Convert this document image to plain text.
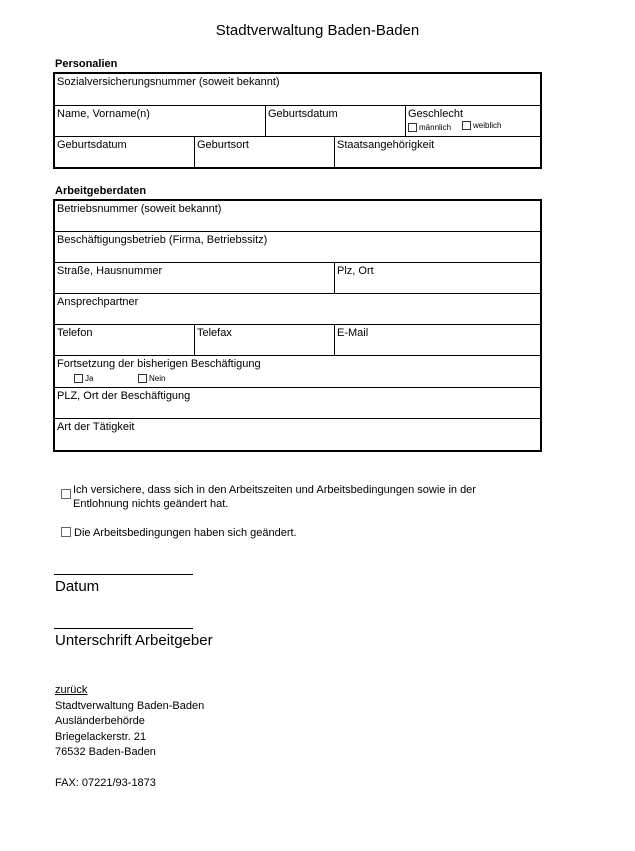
Stadtverwaltung Baden-Baden
Personalien
Sozialversicherungsnummer (soweit bekannt)
Name, Vorname(n)	Geburtsdatum	Geschlecht
männlich	weiblich
Geburtsdatum	Geburtsort	Staatsangehörigkeit
Arbeitgeberdaten
Betriebsnummer (soweit bekannt)
Beschäftigungsbetrieb (Firma, Betriebssitz)
Straße, Hausnummer	Plz, Ort
Ansprechpartner
Telefon	Telefax	E-Mail
Fortsetzung der bisherigen Beschäftigung
Ja	Nein
PLZ, Ort der Beschäftigung
Art der Tätigkeit
Ich versichere, dass sich in den Arbeitszeiten und Arbeitsbedingungen sowie in der Entlohnung nichts geändert hat.
Die Arbeitsbedingungen haben sich geändert.
Datum
Unterschrift Arbeitgeber
zurück
Stadtverwaltung Baden-Baden
Ausländerbehörde
Briegelackerstr. 21
76532 Baden-Baden
FAX: 07221/93-1873
